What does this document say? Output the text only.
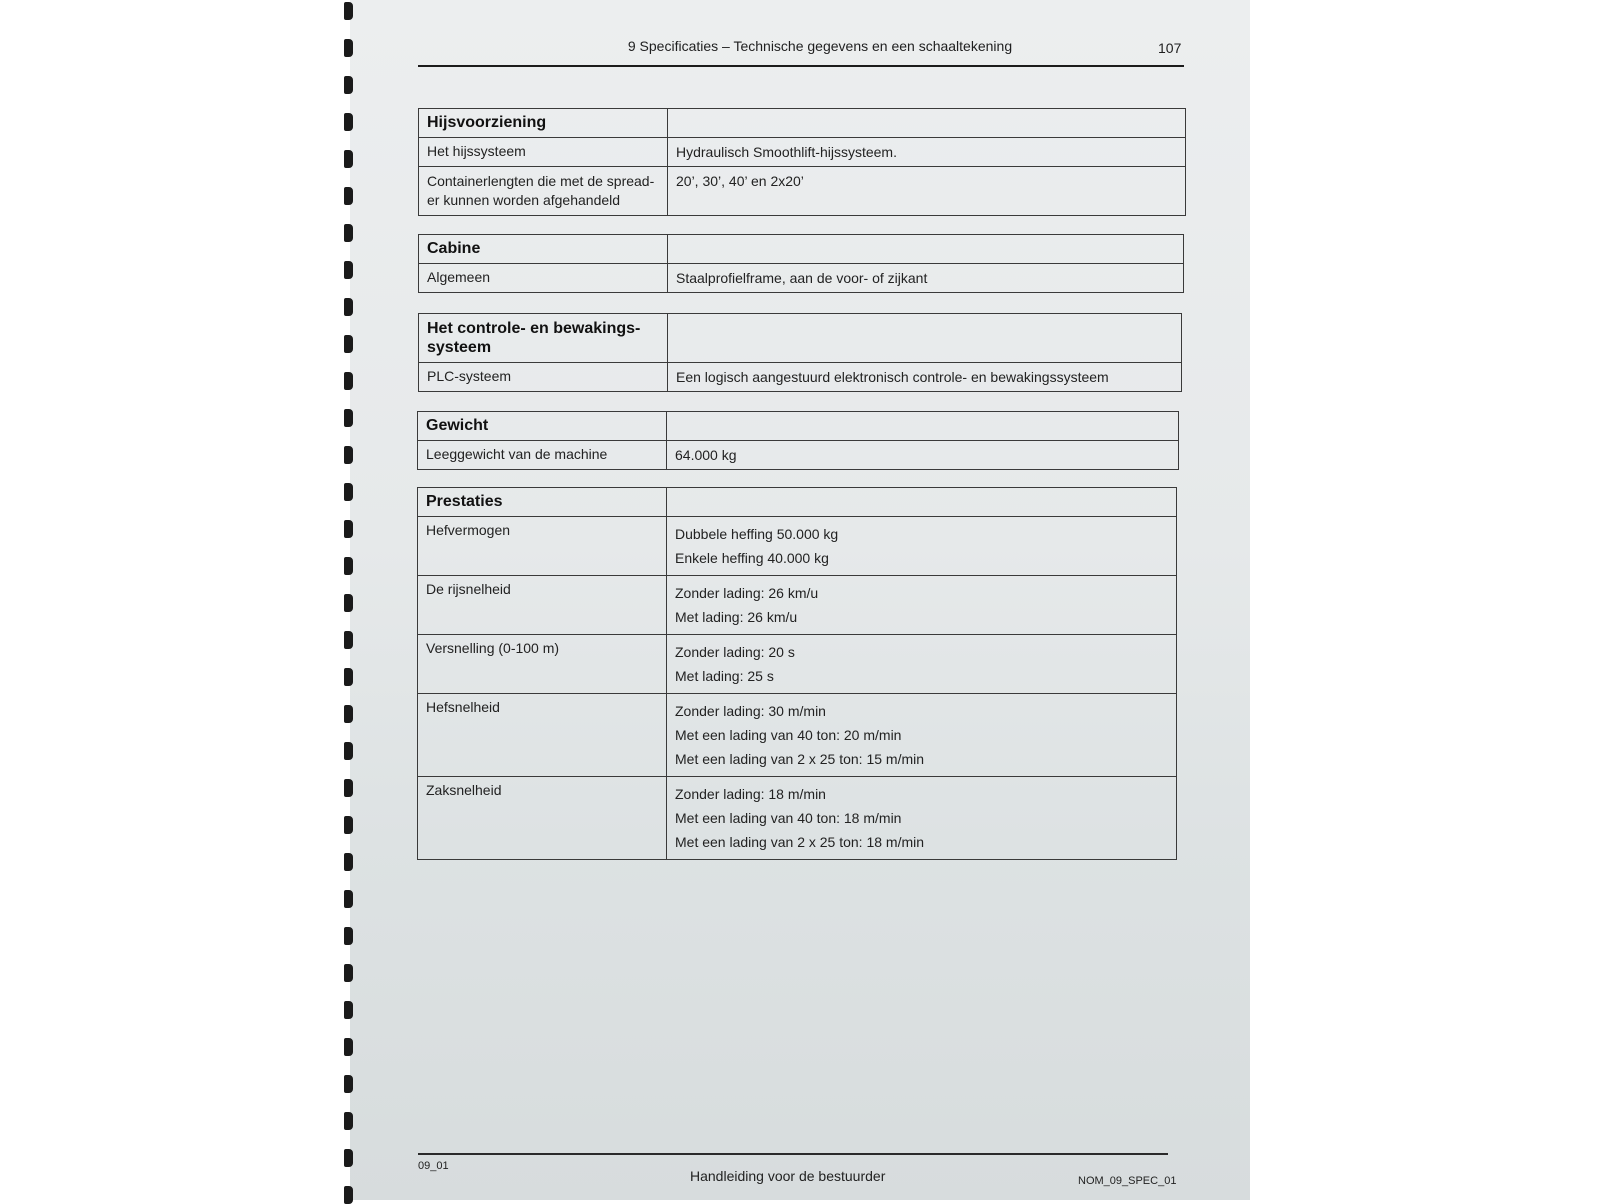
9 Specificaties – Technische gegevens en een schaaltekening	107
Hijsvoorziening	
Het hijssysteem	Hydraulisch Smoothlift-hijssysteem.

Containerlengten die met de spread-er kunnen worden afgehandeld	20’, 30’, 40’ en 2x20’
Cabine	
Algemeen	Staalprofielframe, aan de voor- of zijkant
Het controle- en bewakings-systeem	
PLC-systeem	Een logisch aangestuurd elektronisch controle- en bewakingssysteem
Gewicht	
Leeggewicht van de machine	64.000 kg
Prestaties	
Hefvermogen	Dubbele heffing 50.000 kg
Enkele heffing 40.000 kg

De rijsnelheid	Zonder lading: 26 km/u
Met lading: 26 km/u

Versnelling (0-100 m)	Zonder lading: 20 s
Met lading: 25 s

Hefsnelheid	Zonder lading: 30 m/min
Met een lading van 40 ton: 20 m/min
Met een lading van 2 x 25 ton: 15 m/min

Zaksnelheid	Zonder lading: 18 m/min
Met een lading van 40 ton: 18 m/min
Met een lading van 2 x 25 ton: 18 m/min
09_01
Handleiding voor de bestuurder	NOM_09_SPEC_01
